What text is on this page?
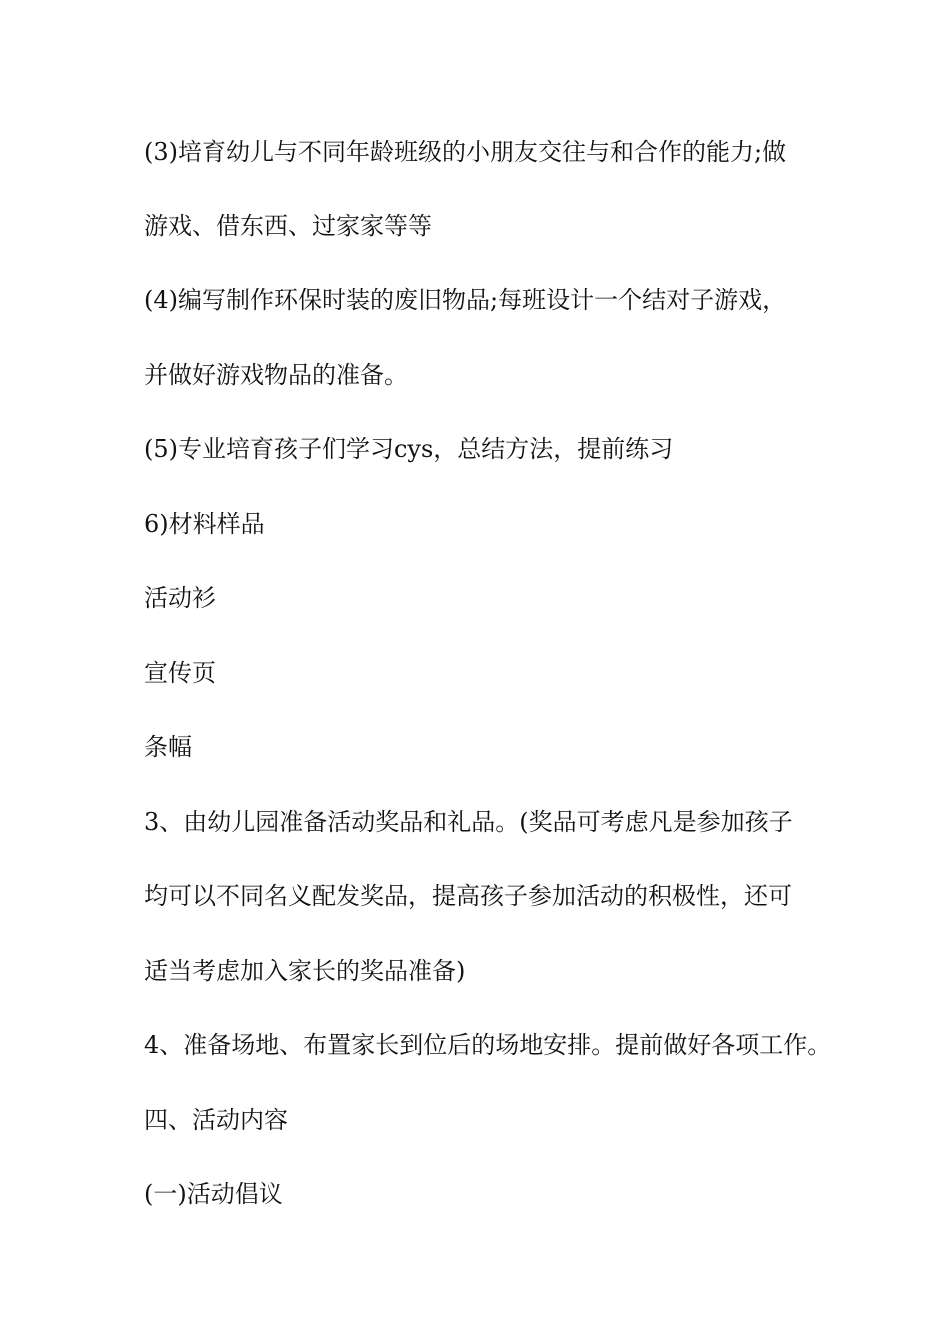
(3)培育幼儿与不同年龄班级的小朋友交往与和合作的能力;做

游戏、借东西、过家家等等

(4)编写制作环保时装的废旧物品;每班设计一个结对子游戏，

并做好游戏物品的准备。

(5)专业培育孩子们学习cys，总结方法，提前练习

6)材料样品

活动衫

宣传页

条幅

3、由幼儿园准备活动奖品和礼品。(奖品可考虑凡是参加孩子

均可以不同名义配发奖品，提高孩子参加活动的积极性，还可

适当考虑加入家长的奖品准备)

4、准备场地、布置家长到位后的场地安排。提前做好各项工作。

四、活动内容

(一)活动倡议
